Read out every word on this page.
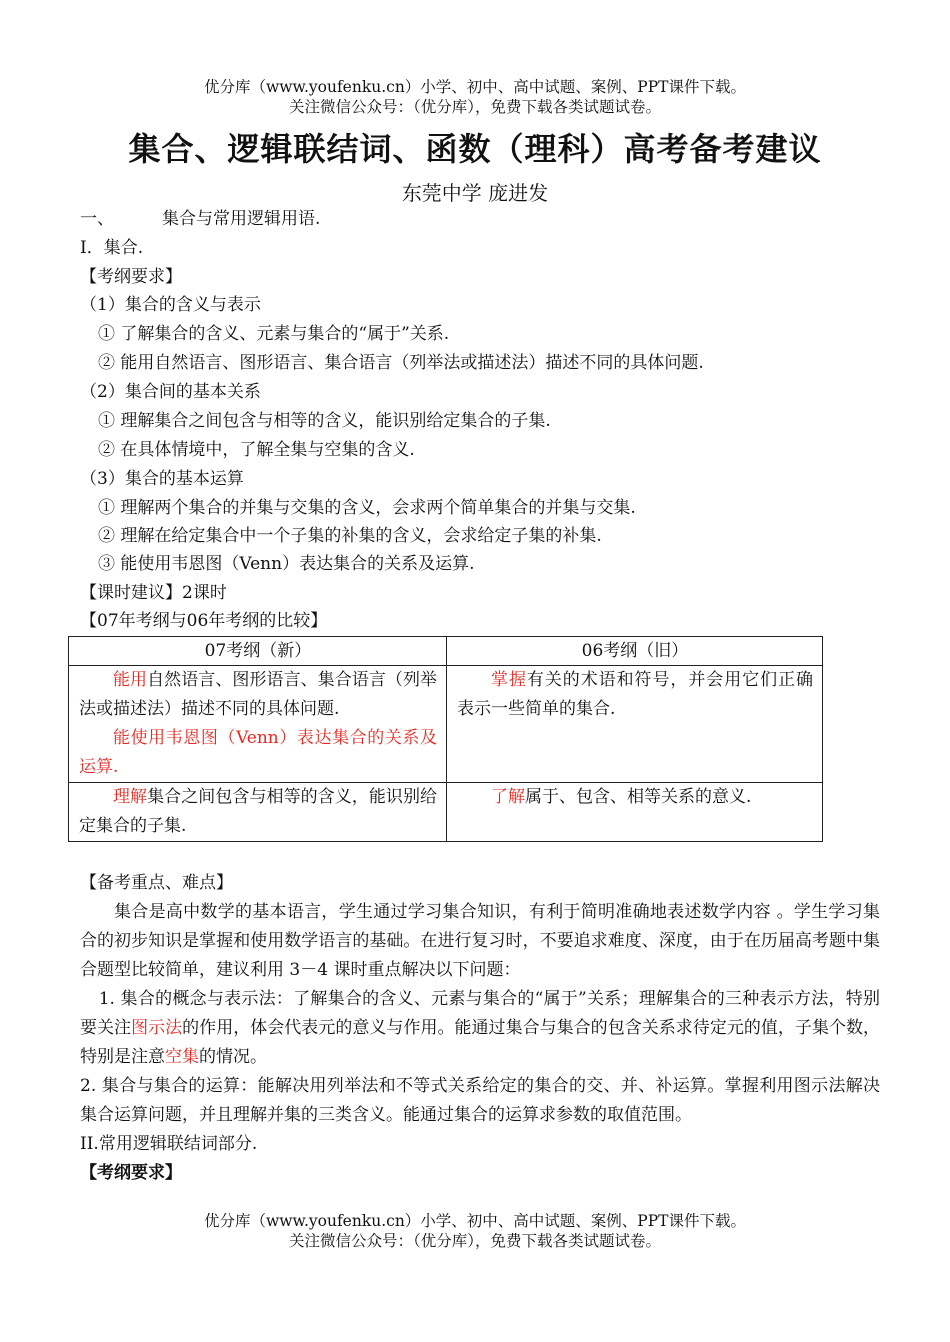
优分库（www.youfenku.cn）小学、初中、高中试题、案例、PPT课件下载。
关注微信公众号：（优分库），免费下载各类试题试卷。
集合、逻辑联结词、函数（理科）高考备考建议
东莞中学 庞进发
一、	集合与常用逻辑用语.
I．集合.
【考纲要求】
（1）集合的含义与表示
① 了解集合的含义、元素与集合的“属于”关系.
② 能用自然语言、图形语言、集合语言（列举法或描述法）描述不同的具体问题.
（2）集合间的基本关系
① 理解集合之间包含与相等的含义，能识别给定集合的子集.
② 在具体情境中，了解全集与空集的含义.
（3）集合的基本运算
① 理解两个集合的并集与交集的含义，会求两个简单集合的并集与交集.
② 理解在给定集合中一个子集的补集的含义，会求给定子集的补集.
③ 能使用韦恩图（Venn）表达集合的关系及运算.
【课时建议】2课时
【07年考纲与06年考纲的比较】
07考纲（新）	06考纲（旧）

能用自然语言、图形语言、集合语言（列举法或描述法）描述不同的具体问题.

能使用韦恩图（Venn）表达集合的关系及运算.	掌握有关的术语和符号，并会用它们正确表示一些简单的集合.

理解集合之间包含与相等的含义，能识别给定集合的子集.	了解属于、包含、相等关系的意义.

【备考重点、难点】

集合是高中数学的基本语言，学生通过学习集合知识，有利于简明准确地表述数学内容 。学生学习集合的初步知识是掌握和使用数学语言的基础。在进行复习时，不要追求难度、深度，由于在历届高考题中集合题型比较简单，建议利用 3－4 课时重点解决以下问题：

1. 集合的概念与表示法：了解集合的含义、元素与集合的“属于”关系；理解集合的三种表示方法，特别要关注图示法的作用，体会代表元的意义与作用。能通过集合与集合的包含关系求待定元的值，子集个数，特别是注意空集的情况。

2. 集合与集合的运算：能解决用列举法和不等式关系给定的集合的交、并、补运算。掌握利用图示法解决集合运算问题，并且理解并集的三类含义。能通过集合的运算求参数的取值范围。

II.常用逻辑联结词部分.

【考纲要求】

优分库（www.youfenku.cn）小学、初中、高中试题、案例、PPT课件下载。
关注微信公众号：（优分库），免费下载各类试题试卷。
